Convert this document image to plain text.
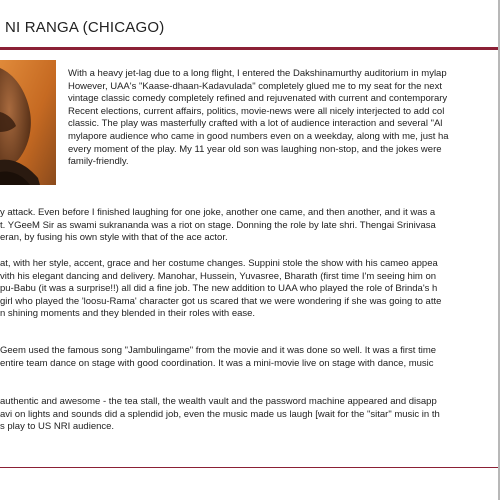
NI RANGA (CHICAGO)
With a heavy jet-lag due to a long flight, I entered the Dakshinamurthy auditorium in mylap
However, UAA's "Kaase-dhaan-Kadavulada" completely glued me to my seat for the next
vintage classic comedy completely refined and rejuvenated with current and contemporary
Recent elections, current affairs, politics, movie-news were all nicely interjected to add col
classic. The play was masterfully crafted with a lot of audience interaction and several "Al
mylapore audience who came in good numbers even on a weekday, along with me, just ha
every moment of the play. My 11 year old son was laughing non-stop, and the jokes were
family-friendly.
y attack. Even before I finished laughing for one joke, another one came, and then another, and it was a
t. YGeeM Sir as swami sukrananda was a riot on stage. Donning the role by late shri. Thengai Srinivasa
eran, by fusing his own style with that of the ace actor.
at, with her style, accent, grace and her costume changes. Suppini stole the show with his cameo appea
vith his elegant dancing and delivery. Manohar, Hussein, Yuvasree, Bharath (first time I'm seeing him on
pu-Babu (it was a surprise!!) all did a fine job. The new addition to UAA who played the role of Brinda's h
girl who played the 'loosu-Rama' character got us scared that we were wondering if she was going to atte
n shining moments and they blended in their roles with ease.
Geem used the famous song "Jambulingame" from the movie and it was done so well. It was a first time
entire team dance on stage with good coordination. It was a mini-movie live on stage with dance, music
authentic and awesome - the tea stall, the wealth vault and the password machine appeared and disapp
avi on lights and sounds did a splendid job, even the music made us laugh [wait for the "sitar" music in th
s play to US NRI audience.
